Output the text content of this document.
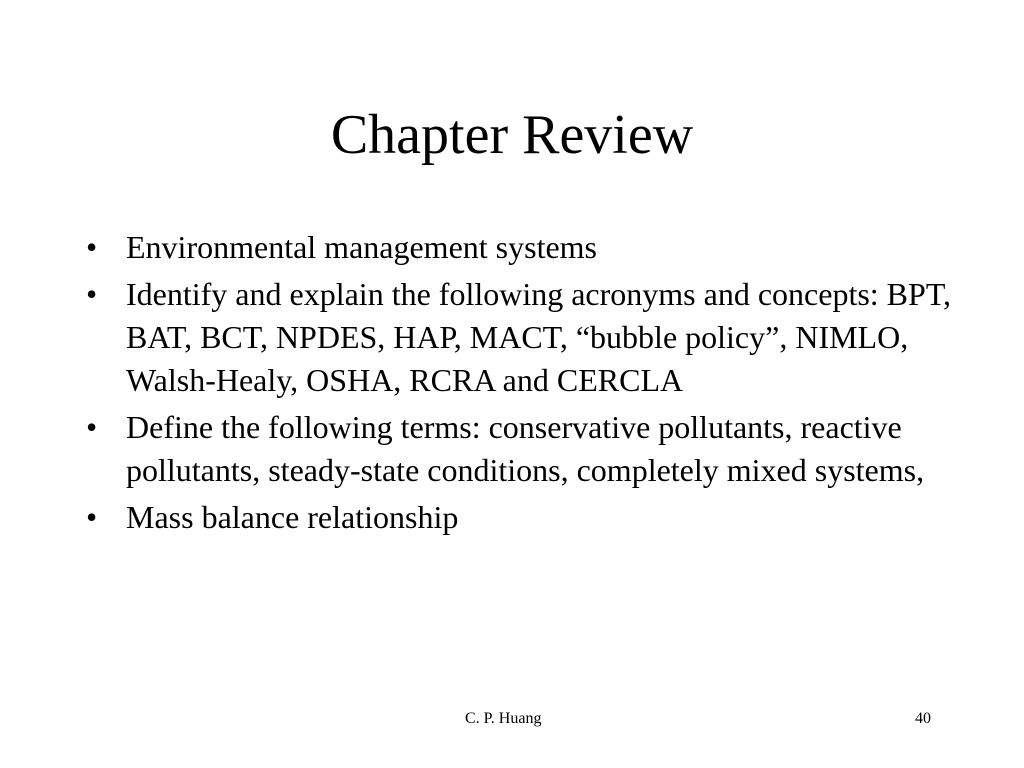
Chapter Review
• Environmental management systems
• Identify and explain the following acronyms and concepts: BPT, BAT, BCT, NPDES, HAP, MACT, “bubble policy”, NIMLO, Walsh-Healy, OSHA, RCRA and CERCLA
• Define the following terms: conservative pollutants, reactive pollutants, steady-state conditions, completely mixed systems,
• Mass balance relationship
C. P. Huang	40
